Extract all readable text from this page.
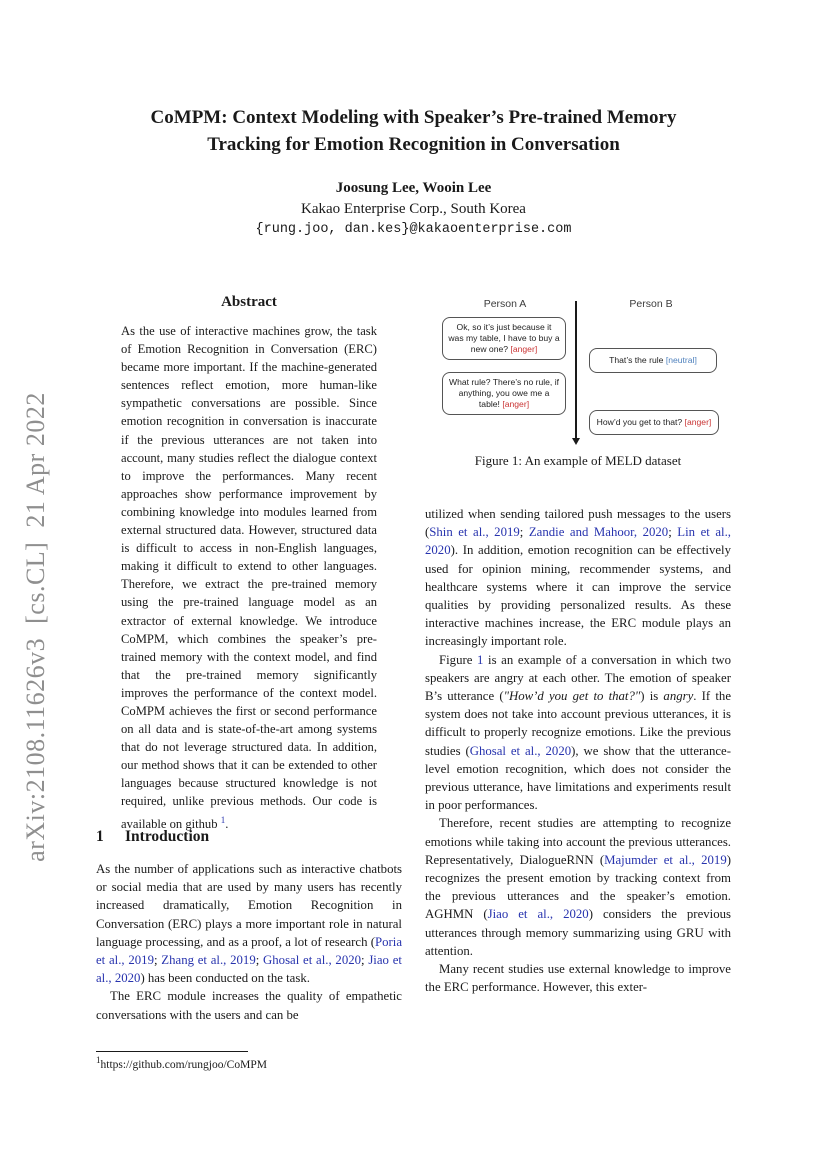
arXiv:2108.11626v3  [cs.CL]  21 Apr 2022
CoMPM: Context Modeling with Speaker’s Pre-trained Memory
Tracking for Emotion Recognition in Conversation
Joosung Lee, Wooin Lee
Kakao Enterprise Corp., South Korea
{rung.joo, dan.kes}@kakaoenterprise.com
Abstract

As the use of interactive machines grow, the task of Emotion Recognition in Conversation (ERC) became more important. If the machine-generated sentences reflect emotion, more human-like sympathetic conversations are possible. Since emotion recognition in conversation is inaccurate if the previous utterances are not taken into account, many studies reflect the dialogue context to improve the performances. Many recent approaches show performance improvement by combining knowledge into modules learned from external structured data. However, structured data is difficult to access in non-English languages, making it difficult to extend to other languages. Therefore, we extract the pre-trained memory using the pre-trained language model as an extractor of external knowledge. We introduce CoMPM, which combines the speaker’s pre-trained memory with the context model, and find that the pre-trained memory significantly improves the performance of the context model. CoMPM achieves the first or second performance on all data and is state-of-the-art among systems that do not leverage structured data. In addition, our method shows that it can be extended to other languages because structured knowledge is not required, unlike previous methods. Our code is available on github $^1$.

1 Introduction

As the number of applications such as interactive chatbots or social media that are used by many users has recently increased dramatically, Emotion Recognition in Conversation (ERC) plays a more important role in natural language processing, and as a proof, a lot of research (Poria et al., 2019; Zhang et al., 2019; Ghosal et al., 2020; Jiao et al., 2020) has been conducted on the task.

The ERC module increases the quality of empathetic conversations with the users and can be

$^1$https://github.com/rungjoo/CoMPM
Person A	Person B
Ok, so it’s just because it was my table, I have to buy a new one? [anger]
That’s the rule [neutral]
What rule? There’s no rule, if anything, you owe me a table! [anger]
How’d you get to that? [anger]
Figure 1: An example of MELD dataset

utilized when sending tailored push messages to the users (Shin et al., 2019; Zandie and Mahoor, 2020; Lin et al., 2020). In addition, emotion recognition can be effectively used for opinion mining, recommender systems, and healthcare systems where it can improve the service qualities by providing personalized results. As these interactive machines increase, the ERC module plays an increasingly important role.

Figure 1 is an example of a conversation in which two speakers are angry at each other. The emotion of speaker B’s utterance ("How’d you get to that?") is angry. If the system does not take into account previous utterances, it is difficult to properly recognize emotions. Like the previous studies (Ghosal et al., 2020), we show that the utterance-level emotion recognition, which does not consider the previous utterance, have limitations and experiments result in poor performances.

Therefore, recent studies are attempting to recognize emotions while taking into account the previous utterances. Representatively, DialogueRNN (Majumder et al., 2019) recognizes the present emotion by tracking context from the previous utterances and the speaker’s emotion. AGHMN (Jiao et al., 2020) considers the previous utterances through memory summarizing using GRU with attention.

Many recent studies use external knowledge to improve the ERC performance. However, this exter-
